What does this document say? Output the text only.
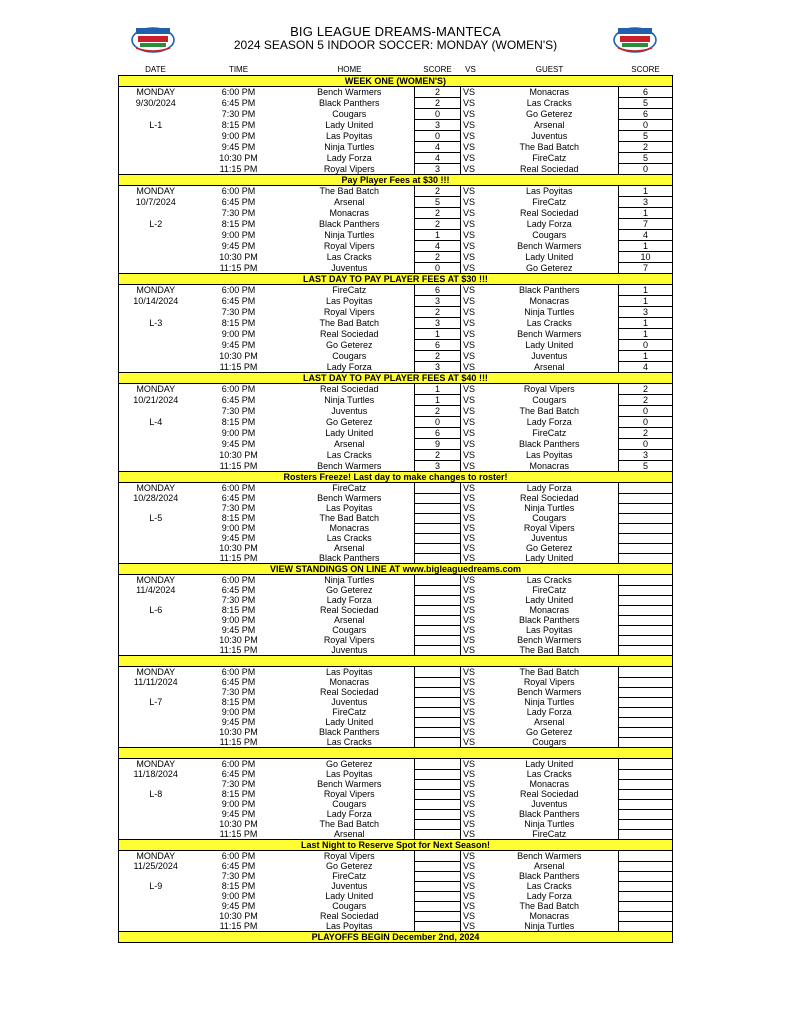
BIG LEAGUE DREAMS-MANTECA
2024 SEASON 5 INDOOR SOCCER: MONDAY (WOMEN'S)
DATE	TIME	HOME	SCORE	VS	GUEST	SCORE
WEEK ONE (WOMEN'S)						
MONDAY	6:00 PM	Bench Warmers	2	VS	Monacras	6
9/30/2024	6:45 PM	Black Panthers	2	VS	Las Cracks	5
	7:30 PM	Cougars	0	VS	Go Geterez	6
L-1	8:15 PM	Lady United	3	VS	Arsenal	0
	9:00 PM	Las Poyitas	0	VS	Juventus	5
	9:45 PM	Ninja Turtles	4	VS	The Bad Batch	2
	10:30 PM	Lady Forza	4	VS	FireCatz	5
	11:15 PM	Royal Vipers	3	VS	Real Sociedad	0
Pay Player Fees at $30 !!!						
MONDAY	6:00 PM	The Bad Batch	2	VS	Las Poyitas	1
10/7/2024	6:45 PM	Arsenal	5	VS	FireCatz	3
	7:30 PM	Monacras	2	VS	Real Sociedad	1
L-2	8:15 PM	Black Panthers	2	VS	Lady Forza	7
	9:00 PM	Ninja Turtles	1	VS	Cougars	4
	9:45 PM	Royal Vipers	4	VS	Bench Warmers	1
	10:30 PM	Las Cracks	2	VS	Lady United	10
	11:15 PM	Juventus	0	VS	Go Geterez	7
LAST DAY TO PAY PLAYER FEES AT $30 !!!						
MONDAY	6:00 PM	FireCatz	6	VS	Black Panthers	1
10/14/2024	6:45 PM	Las Poyitas	3	VS	Monacras	1
	7:30 PM	Royal Vipers	2	VS	Ninja Turtles	3
L-3	8:15 PM	The Bad Batch	3	VS	Las Cracks	1
	9:00 PM	Real Sociedad	1	VS	Bench Warmers	1
	9:45 PM	Go Geterez	6	VS	Lady United	0
	10:30 PM	Cougars	2	VS	Juventus	1
	11:15 PM	Lady Forza	3	VS	Arsenal	4
LAST DAY TO PAY PLAYER FEES AT $40 !!!						
MONDAY	6:00 PM	Real Sociedad	1	VS	Royal Vipers	2
10/21/2024	6:45 PM	Ninja Turtles	1	VS	Cougars	2
	7:30 PM	Juventus	2	VS	The Bad Batch	0
L-4	8:15 PM	Go Geterez	0	VS	Lady Forza	0
	9:00 PM	Lady United	6	VS	FireCatz	2
	9:45 PM	Arsenal	9	VS	Black Panthers	0
	10:30 PM	Las Cracks	2	VS	Las Poyitas	3
	11:15 PM	Bench Warmers	3	VS	Monacras	5
Rosters Freeze! Last day to make changes to roster!						
MONDAY	6:00 PM	FireCatz		VS	Lady Forza	
10/28/2024	6:45 PM	Bench Warmers		VS	Real Sociedad	
	7:30 PM	Las Poyitas		VS	Ninja Turtles	
L-5	8:15 PM	The Bad Batch		VS	Cougars	
	9:00 PM	Monacras		VS	Royal Vipers	
	9:45 PM	Las Cracks		VS	Juventus	
	10:30 PM	Arsenal		VS	Go Geterez	
	11:15 PM	Black Panthers		VS	Lady United	
VIEW STANDINGS ON LINE AT www.bigleaguedreams.com						
MONDAY	6:00 PM	Ninja Turtles		VS	Las Cracks	
11/4/2024	6:45 PM	Go Geterez		VS	FireCatz	
	7:30 PM	Lady Forza		VS	Lady United	
L-6	8:15 PM	Real Sociedad		VS	Monacras	
	9:00 PM	Arsenal		VS	Black Panthers	
	9:45 PM	Cougars		VS	Las Poyitas	
	10:30 PM	Royal Vipers		VS	Bench Warmers	
	11:15 PM	Juventus		VS	The Bad Batch	

MONDAY	6:00 PM	Las Poyitas		VS	The Bad Batch	
11/11/2024	6:45 PM	Monacras		VS	Royal Vipers	
	7:30 PM	Real Sociedad		VS	Bench Warmers	
L-7	8:15 PM	Juventus		VS	Ninja Turtles	
	9:00 PM	FireCatz		VS	Lady Forza	
	9:45 PM	Lady United		VS	Arsenal	
	10:30 PM	Black Panthers		VS	Go Geterez	
	11:15 PM	Las Cracks		VS	Cougars	

MONDAY	6:00 PM	Go Geterez		VS	Lady United	
11/18/2024	6:45 PM	Las Poyitas		VS	Las Cracks	
	7:30 PM	Bench Warmers		VS	Monacras	
L-8	8:15 PM	Royal Vipers		VS	Real Sociedad	
	9:00 PM	Cougars		VS	Juventus	
	9:45 PM	Lady Forza		VS	Black Panthers	
	10:30 PM	The Bad Batch		VS	Ninja Turtles	
	11:15 PM	Arsenal		VS	FireCatz	
Last Night to Reserve Spot for Next Season!						
MONDAY	6:00 PM	Royal Vipers		VS	Bench Warmers	
11/25/2024	6:45 PM	Go Geterez		VS	Arsenal	
	7:30 PM	FireCatz		VS	Black Panthers	
L-9	8:15 PM	Juventus		VS	Las Cracks	
	9:00 PM	Lady United		VS	Lady Forza	
	9:45 PM	Cougars		VS	The Bad Batch	
	10:30 PM	Real Sociedad		VS	Monacras	
	11:15 PM	Las Poyitas		VS	Ninja Turtles	
PLAYOFFS BEGIN December 2nd, 2024						
